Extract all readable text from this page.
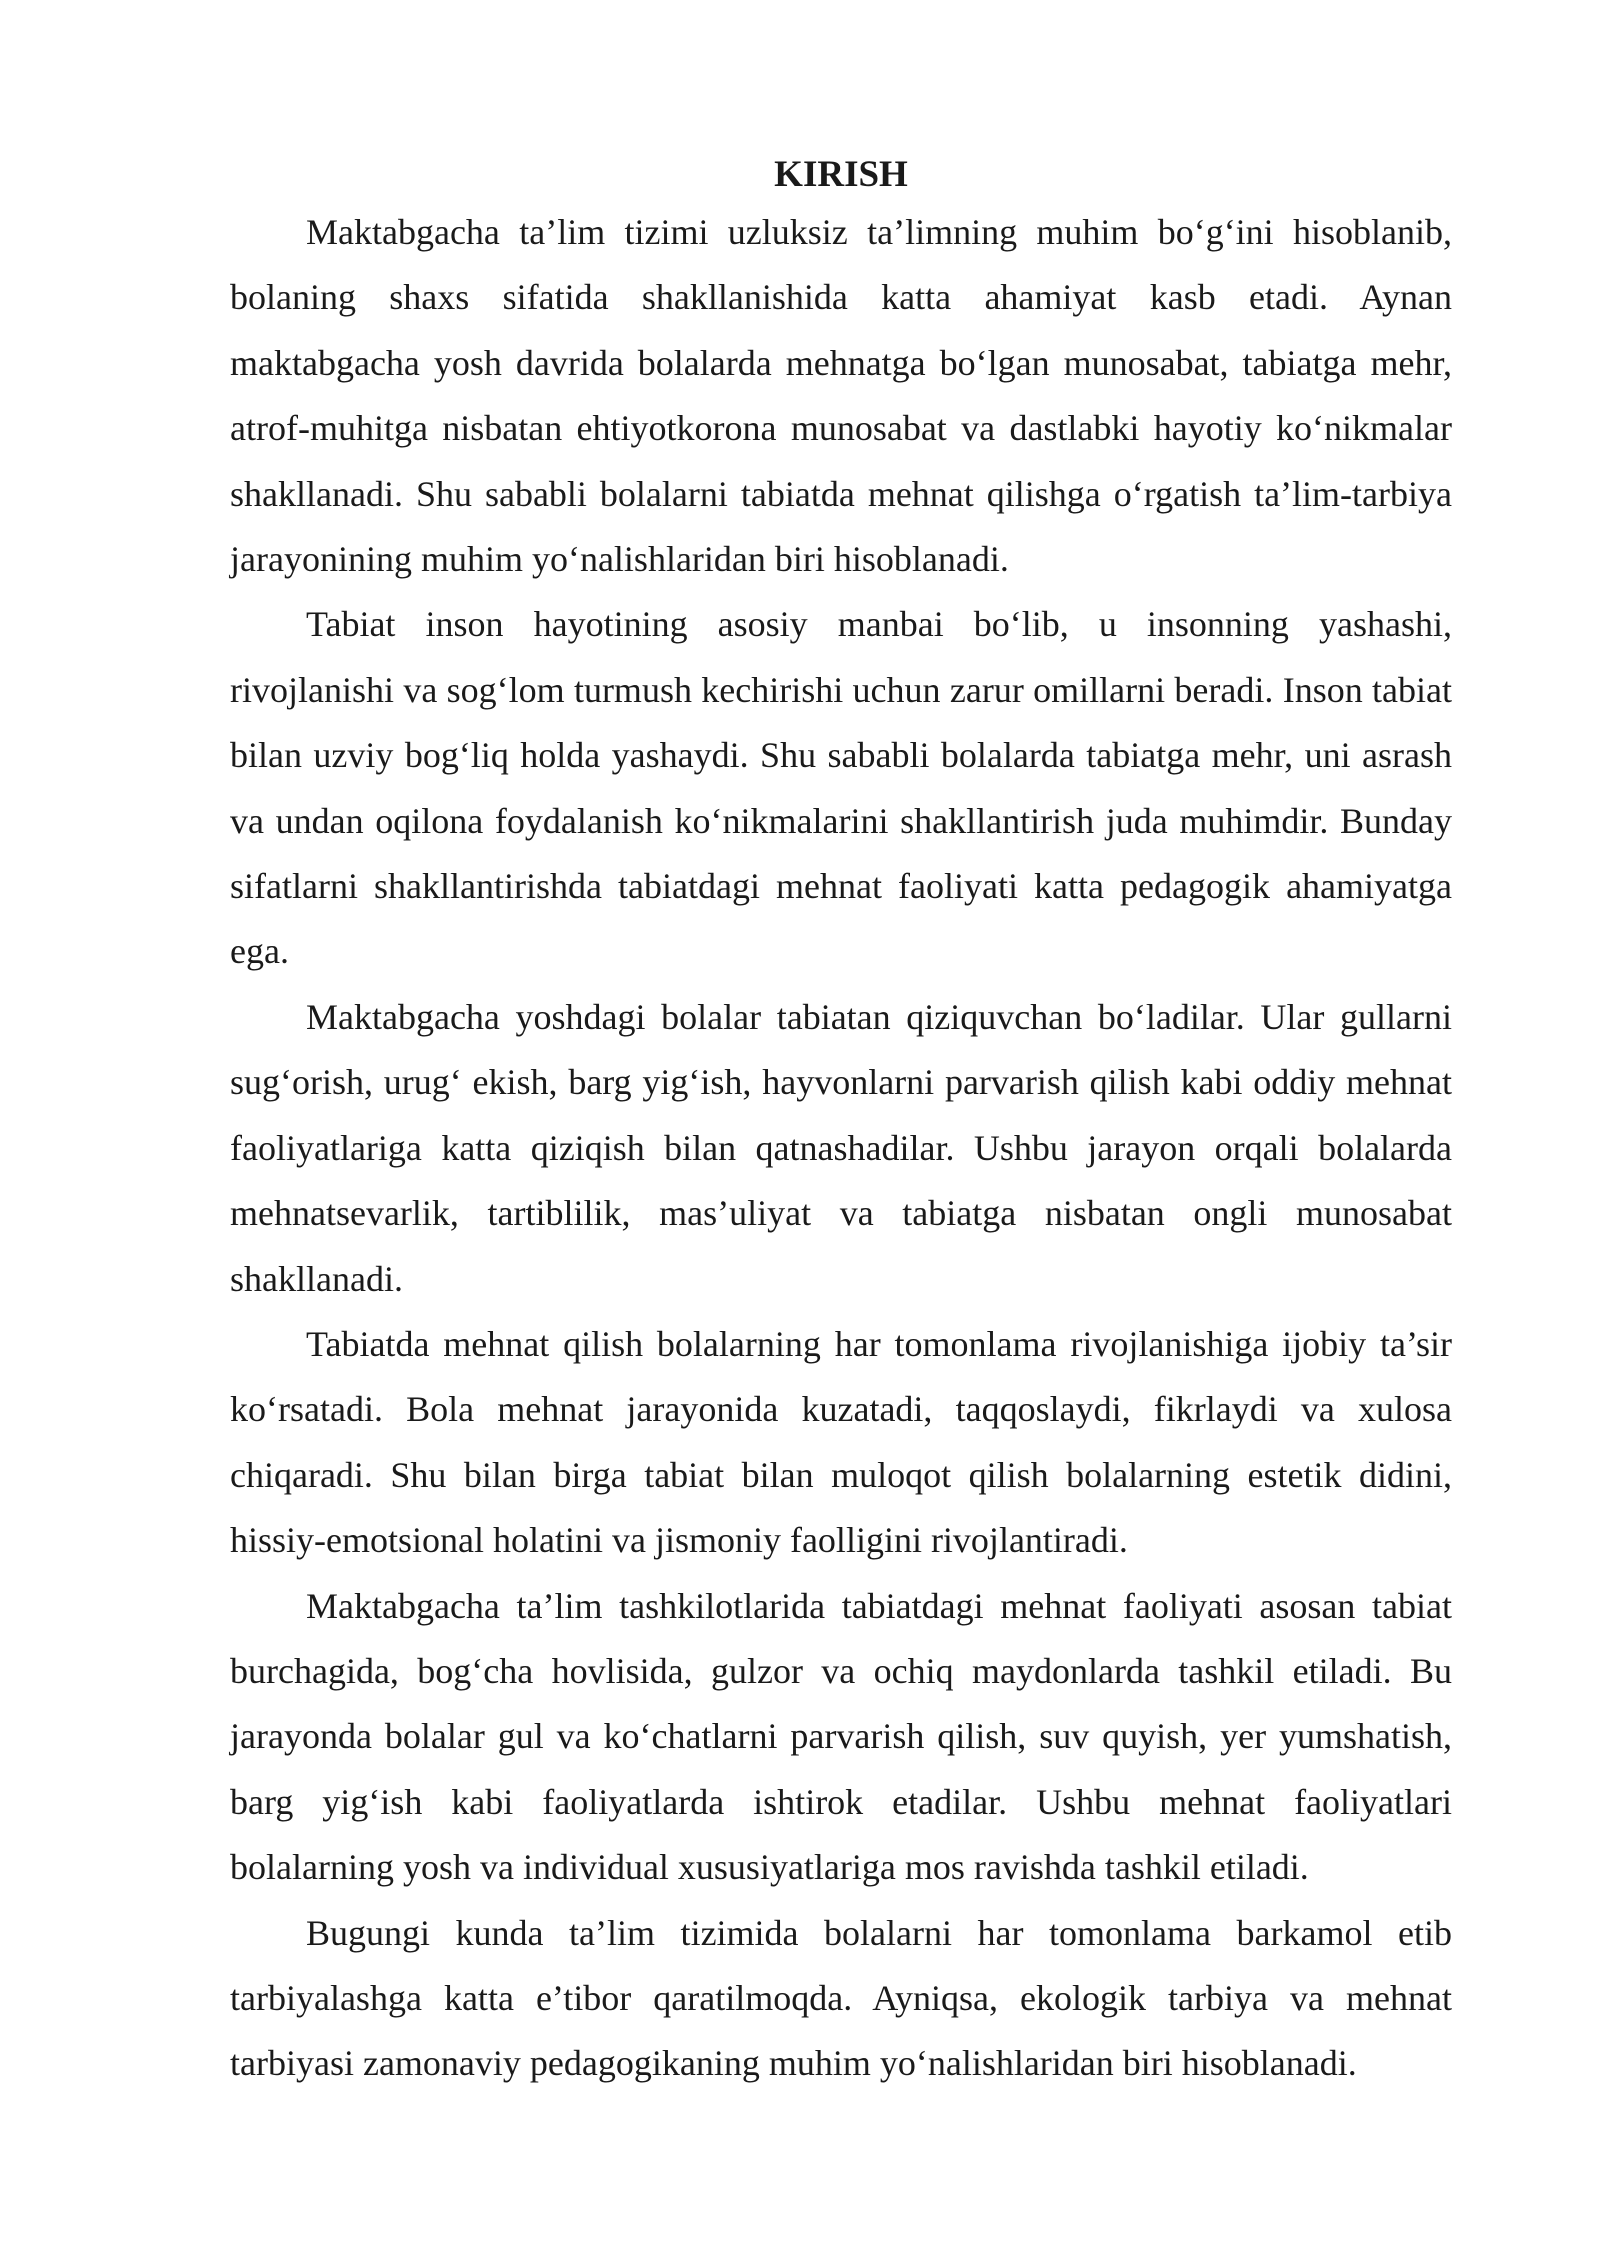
KIRISH

Maktabgacha ta’lim tizimi uzluksiz ta’limning muhim bo‘g‘ini hisoblanib, bolaning shaxs sifatida shakllanishida katta ahamiyat kasb etadi. Aynan maktabgacha yosh davrida bolalarda mehnatga bo‘lgan munosabat, tabiatga mehr, atrof-muhitga nisbatan ehtiyotkorona munosabat va dastlabki hayotiy ko‘nikmalar shakllanadi. Shu sababli bolalarni tabiatda mehnat qilishga o‘rgatish ta’lim-tarbiya jarayonining muhim yo‘nalishlaridan biri hisoblanadi.

Tabiat inson hayotining asosiy manbai bo‘lib, u insonning yashashi, rivojlanishi va sog‘lom turmush kechirishi uchun zarur omillarni beradi. Inson tabiat bilan uzviy bog‘liq holda yashaydi. Shu sababli bolalarda tabiatga mehr, uni asrash va undan oqilona foydalanish ko‘nikmalarini shakllantirish juda muhimdir. Bunday sifatlarni shakllantirishda tabiatdagi mehnat faoliyati katta pedagogik ahamiyatga ega.

Maktabgacha yoshdagi bolalar tabiatan qiziquvchan bo‘ladilar. Ular gullarni sug‘orish, urug‘ ekish, barg yig‘ish, hayvonlarni parvarish qilish kabi oddiy mehnat faoliyatlariga katta qiziqish bilan qatnashadilar. Ushbu jarayon orqali bolalarda mehnatsevarlik, tartiblilik, mas’uliyat va tabiatga nisbatan ongli munosabat shakllanadi.

Tabiatda mehnat qilish bolalarning har tomonlama rivojlanishiga ijobiy ta’sir ko‘rsatadi. Bola mehnat jarayonida kuzatadi, taqqoslaydi, fikrlaydi va xulosa chiqaradi. Shu bilan birga tabiat bilan muloqot qilish bolalarning estetik didini, hissiy-emotsional holatini va jismoniy faolligini rivojlantiradi.

Maktabgacha ta’lim tashkilotlarida tabiatdagi mehnat faoliyati asosan tabiat burchagida, bog‘cha hovlisida, gulzor va ochiq maydonlarda tashkil etiladi. Bu jarayonda bolalar gul va ko‘chatlarni parvarish qilish, suv quyish, yer yumshatish, barg yig‘ish kabi faoliyatlarda ishtirok etadilar. Ushbu mehnat faoliyatlari bolalarning yosh va individual xususiyatlariga mos ravishda tashkil etiladi.

Bugungi kunda ta’lim tizimida bolalarni har tomonlama barkamol etib tarbiyalashga katta e’tibor qaratilmoqda. Ayniqsa, ekologik tarbiya va mehnat tarbiyasi zamonaviy pedagogikaning muhim yo‘nalishlaridan biri hisoblanadi.
